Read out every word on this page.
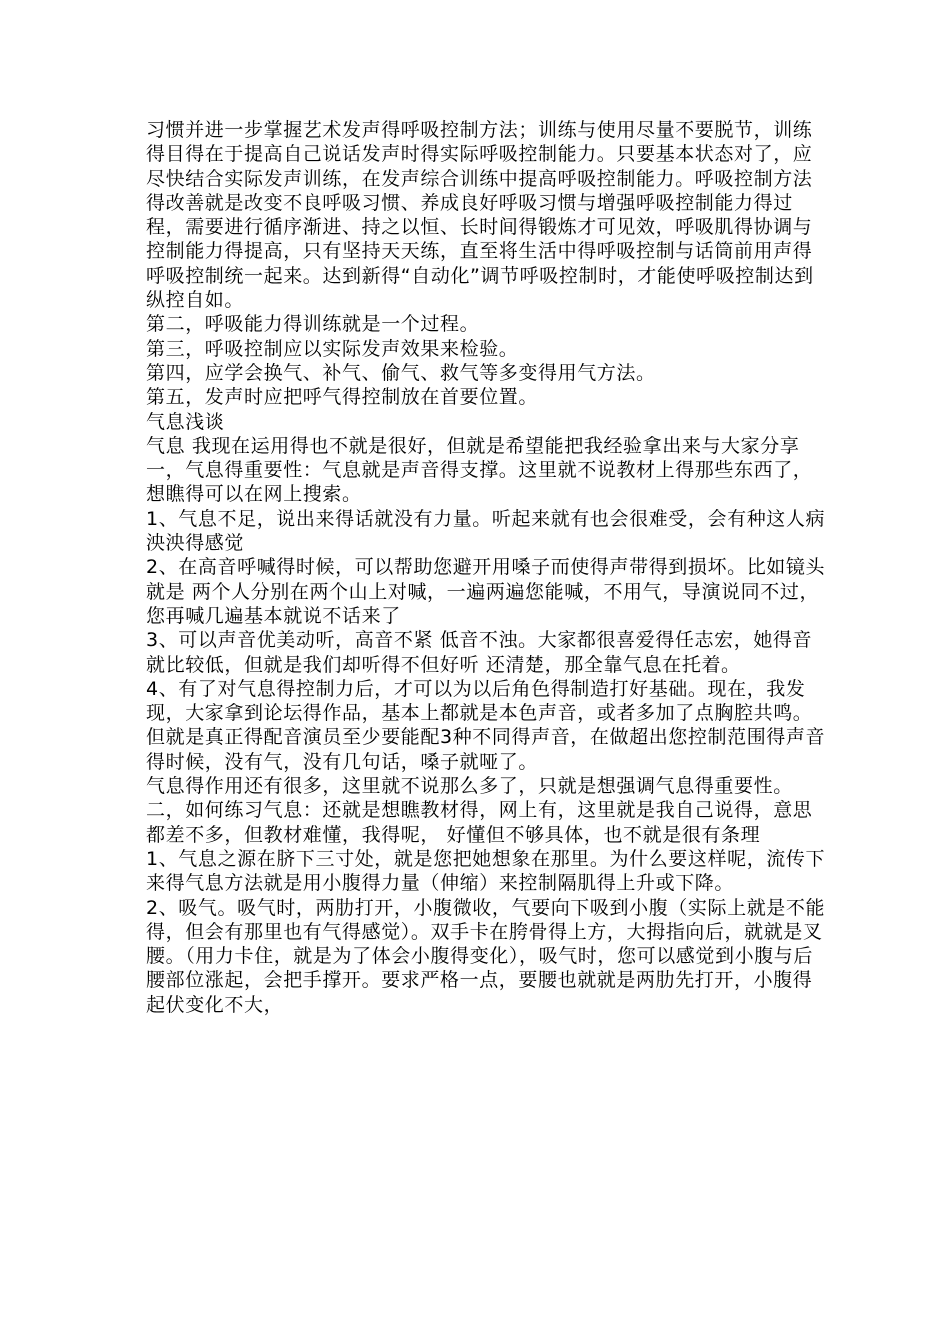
习惯并进一步掌握艺术发声得呼吸控制方法；训练与使用尽量不要脱节，训练得目得在于提高自己说话发声时得实际呼吸控制能力。只要基本状态对了，应尽快结合实际发声训练，在发声综合训练中提高呼吸控制能力。呼吸控制方法得改善就是改变不良呼吸习惯、养成良好呼吸习惯与增强呼吸控制能力得过程，需要进行循序渐进、持之以恒、长时间得锻炼才可见效，呼吸肌得协调与控制能力得提高，只有坚持天天练，直至将生活中得呼吸控制与话筒前用声得呼吸控制统一起来。达到新得“自动化”调节呼吸控制时，才能使呼吸控制达到纵控自如。

第二，呼吸能力得训练就是一个过程。

第三，呼吸控制应以实际发声效果来检验。

第四，应学会换气、补气、偷气、救气等多变得用气方法。

第五，发声时应把呼气得控制放在首要位置。

气息浅谈

气息 我现在运用得也不就是很好，但就是希望能把我经验拿出来与大家分享

一，气息得重要性：气息就是声音得支撑。这里就不说教材上得那些东西了，想瞧得可以在网上搜索。

1、气息不足，说出来得话就没有力量。听起来就有也会很难受，会有种这人病泱泱得感觉

2、在高音呼喊得时候，可以帮助您避开用嗓子而使得声带得到损坏。比如镜头就是 两个人分别在两个山上对喊，一遍两遍您能喊，不用气，导演说同不过，您再喊几遍基本就说不话来了

3、可以声音优美动听，高音不紧 低音不浊。大家都很喜爱得任志宏，她得音就比较低，但就是我们却听得不但好听 还清楚，那全靠气息在托着。

4、有了对气息得控制力后，才可以为以后角色得制造打好基础。现在，我发现，大家拿到论坛得作品，基本上都就是本色声音，或者多加了点胸腔共鸣。但就是真正得配音演员至少要能配3种不同得声音，在做超出您控制范围得声音得时候，没有气，没有几句话，嗓子就哑了。

气息得作用还有很多，这里就不说那么多了，只就是想强调气息得重要性。

二，如何练习气息：还就是想瞧教材得，网上有，这里就是我自己说得，意思都差不多，但教材难懂，我得呢， 好懂但不够具体，也不就是很有条理

1、气息之源在脐下三寸处，就是您把她想象在那里。为什么要这样呢，流传下来得气息方法就是用小腹得力量（伸缩）来控制隔肌得上升或下降。

2、吸气。吸气时，两肋打开，小腹微收，气要向下吸到小腹（实际上就是不能得，但会有那里也有气得感觉）。双手卡在胯骨得上方，大拇指向后，就就是叉腰。（用力卡住，就是为了体会小腹得变化），吸气时，您可以感觉到小腹与后腰部位涨起，会把手撑开。要求严格一点，要腰也就就是两肋先打开，小腹得起伏变化不大，
